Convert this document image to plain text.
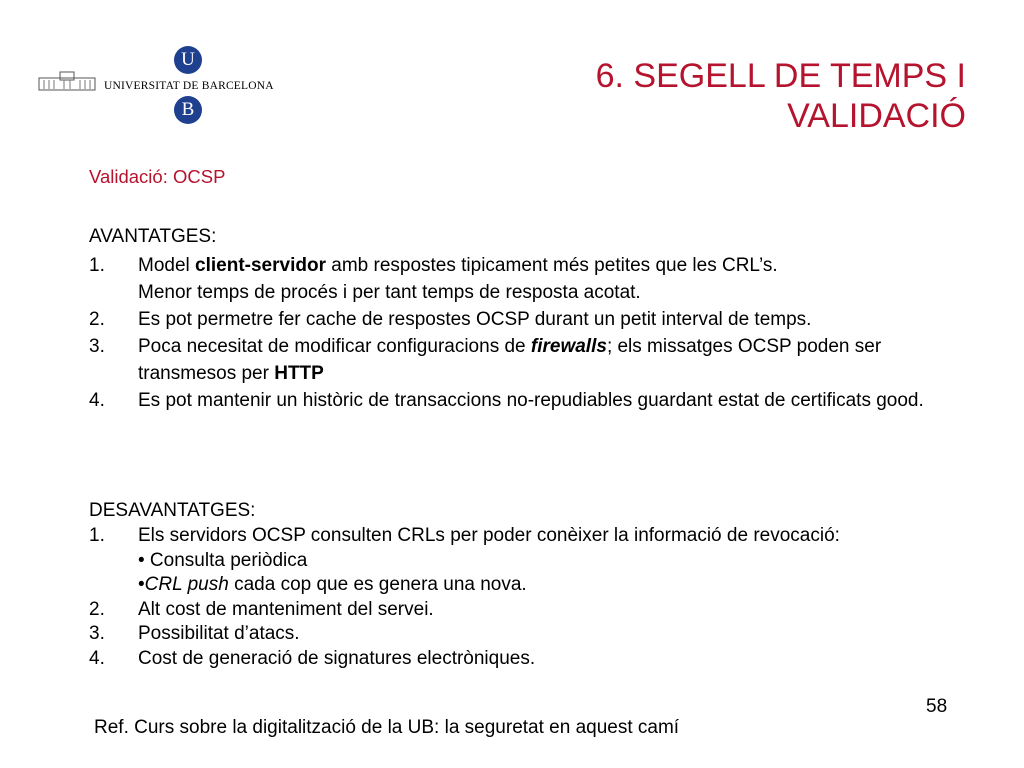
UNIVERSITAT DE BARCELONA
U
B
6. SEGELL DE TEMPS I
VALIDACIÓ
Validació: OCSP
AVANTATGES:
1. Model client-servidor amb respostes tipicament més petites que les CRL’s.
Menor temps de procés i per tant temps de resposta acotat.
2. Es pot permetre fer cache de respostes OCSP durant un petit interval de temps.
3. Poca necesitat de modificar configuracions de firewalls; els missatges OCSP poden ser transmesos per HTTP
4. Es pot mantenir un històric de transaccions no-repudiables guardant estat de certificats good.
DESAVANTATGES:
1. Els servidors OCSP consulten CRLs per poder conèixer la informació de revocació:
• Consulta periòdica
•CRL push cada cop que es genera una nova.
2. Alt cost de manteniment del servei.
3. Possibilitat d’atacs.
4. Cost de generació de signatures electròniques.
58
Ref. Curs sobre la digitalització de la UB: la seguretat en aquest camí
